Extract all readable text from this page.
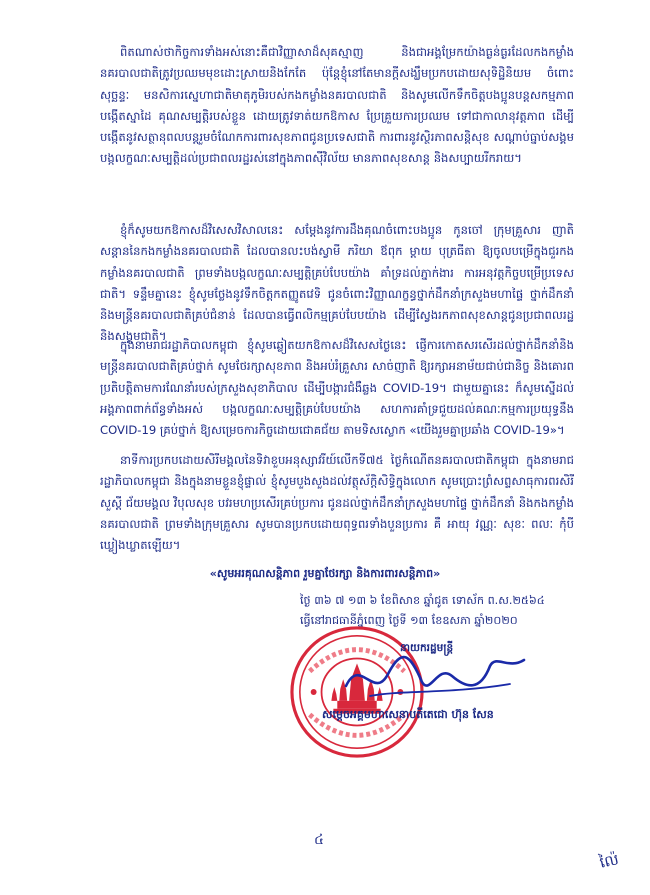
ពិតណាស់ថាកិច្ចការទាំងអស់នោះគឺជាវិញ្ញាសាដ៏សុគស្មាញ និងជាអង្គម្រែកយ៉ាងធ្ងន់ធ្ងរដែលកងកម្លាំងនគរបាលជាតិត្រូវប្រឈមមុខដោះស្រាយនិងកែតែ ប៉ុន្តែខ្ញុំនៅតែមានក្តីសង្ឃឹមប្រកបដោយសុទិដ្ឋិនិយម ចំពោះសុច្ឆន្ទៈ មនសិការស្នេហាជាតិមាតុភូមិរបស់កងកម្លាំងនគរបាលជាតិ និងសូមលើកទឹកចិត្តបងប្អូនបន្តសកម្មភាពបង្កើតស្នាដៃ គុណសម្បត្តិរបស់ខ្លួន ដោយត្រូវទាត់យកឱកាស ប្រែគ្រួយការប្រឈម ទៅជាកាលានុវត្តភាព ដើម្បីបង្កើតនូវសត្ថានុពលបន្តរួមចំណែកការពារសុខភាពជូនប្រទេសជាតិ ការពារនូវស្ថិរភាពសន្តិសុខ សណ្តាប់ធ្នាប់សង្គម បង្កលក្ខណៈសម្បត្តិដល់ប្រជាពលរដ្ឋរស់នៅក្នុងភាពស៊ីវិល័យ មានភាពសុខសាន្ត និងសប្បាយរីករាយ។

ខ្ញុំក៏សូមយកឱកាសដ៏វិសេសវិសាលនេះ សម្តែងនូវការដឹងគុណចំពោះបងប្អូន កូនចៅ ក្រុមគ្រួសារ ញាតិសន្តាននៃកងកម្លាំងនគរបាលជាតិ ដែលបានលះបង់ស្វាមី ភរិយា ឪពុក ម្តាយ បុត្រធីតា ឱ្យចូលបម្រើក្នុងជួរកងកម្លាំងនគរបាលជាតិ ព្រមទាំងបង្កលក្ខណៈសម្បត្តិគ្រប់បែបយ៉ាង គាំទ្រដល់ភ្នាក់ងារ ការអនុវត្តកិច្ចបម្រើប្រទេសជាតិ។ ទន្ទឹមគ្នានេះ ខ្ញុំសូមថ្លែងនូវទឹកចិត្តកតញ្ញូតវេទិ ជូនចំពោះវិញ្ញាណក្ខន្ធថ្នាក់ដឹកនាំក្រសួងមហាផ្ទៃ ថ្នាក់ដឹកនាំ និងមន្ត្រីនគរបាលជាតិគ្រប់ជំនាន់ ដែលបានធ្វើពលិកម្មគ្រប់បែបយ៉ាង ដើម្បីស្វែងរកភាពសុខសាន្តជូនប្រជាពលរដ្ឋ និងសង្គមជាតិ។

ក្នុងនាមរាជរដ្ឋាភិបាលកម្ពុជា ខ្ញុំសូមឆ្លៀតយកឱកាសដ៏វិសេសថ្ងៃនេះ ផ្ញើការកោតសរសើរដល់ថ្នាក់ដឹកនាំនិងមន្ត្រីនគរបាលជាតិគ្រប់ថ្នាក់ សូមថែរក្សាសុខភាព និងអប់រំគ្រួសារ សាច់ញាតិ ឱ្យរក្សាអនាម័យជាប់ជានិច្ច និងគោរពប្រតិបត្តិតាមការណែនាំរបស់ក្រសួងសុខាភិបាល ដើម្បីបង្ការជំងឺឆ្លង COVID-19។ ជាមួយគ្នានេះ ក៏សូមស្នើដល់អង្គភាពពាក់ព័ន្ធទាំងអស់ បង្កលក្ខណៈសម្បត្តិគ្រប់បែបយ៉ាង សហការគាំទ្រជួយដល់គណៈកម្មការប្រយុទ្ធនឹង COVID-19 គ្រប់ថ្នាក់ ឱ្យសម្រេចការកិច្ចដោយជោគជ័យ តាមទិសស្លោក «យើងរួមគ្នាប្រឆាំង COVID-19»។

នាទីការប្រកបដោយសិរីមង្គលនៃទិវាខួបអនុស្សាវរីយ៍លើកទី៧៥ ថ្ងៃកំណើតនគរបាលជាតិកម្ពុជា ក្នុងនាមរាជរដ្ឋាភិបាលកម្ពុជា និងក្នុងនាមខ្លួនខ្ញុំផ្ទាល់ ខ្ញុំសូមបួងសួងដល់វត្ថុស័ក្តិសិទ្ធិក្នុងលោក សូមប្រោះព្រំសព្ទសាធុការពរសិរីសួស្តី ជ័យមង្គល វិបុលសុខ បវរមហប្រសើរគ្រប់ប្រការ ជូនដល់ថ្នាក់ដឹកនាំក្រសួងមហាផ្ទៃ ថ្នាក់ដឹកនាំ និងកងកម្លាំងនគរបាលជាតិ ព្រមទាំងក្រុមគ្រួសារ សូមបានប្រកបដោយពុទ្ធពរទាំងបួនប្រការ គឺ អាយុ វណ្ណៈ សុខៈ ពលៈ កុំបីឃ្លៀងឃ្លាតឡើយ។

«សូមអរគុណសន្តិភាព រួមគ្នាថែរក្សា និងការពារសន្តិភាព»

ថ្ងៃ ៣៦ ៧ ១៣ ៦ ខែពិសាខ ឆ្នាំជូត ទោស័ក ព.ស.២៥៦៤

ធ្វើនៅរាជធានីភ្នំពេញ ថ្ងៃទី ១៣ ខែឧសភា ឆ្នាំ២០២០

នាយករដ្ឋមន្ត្រី

សម្តេចអគ្គមហាសេនាបតីតេជោ ហ៊ុន សែន

៤

ល៉ៃ
